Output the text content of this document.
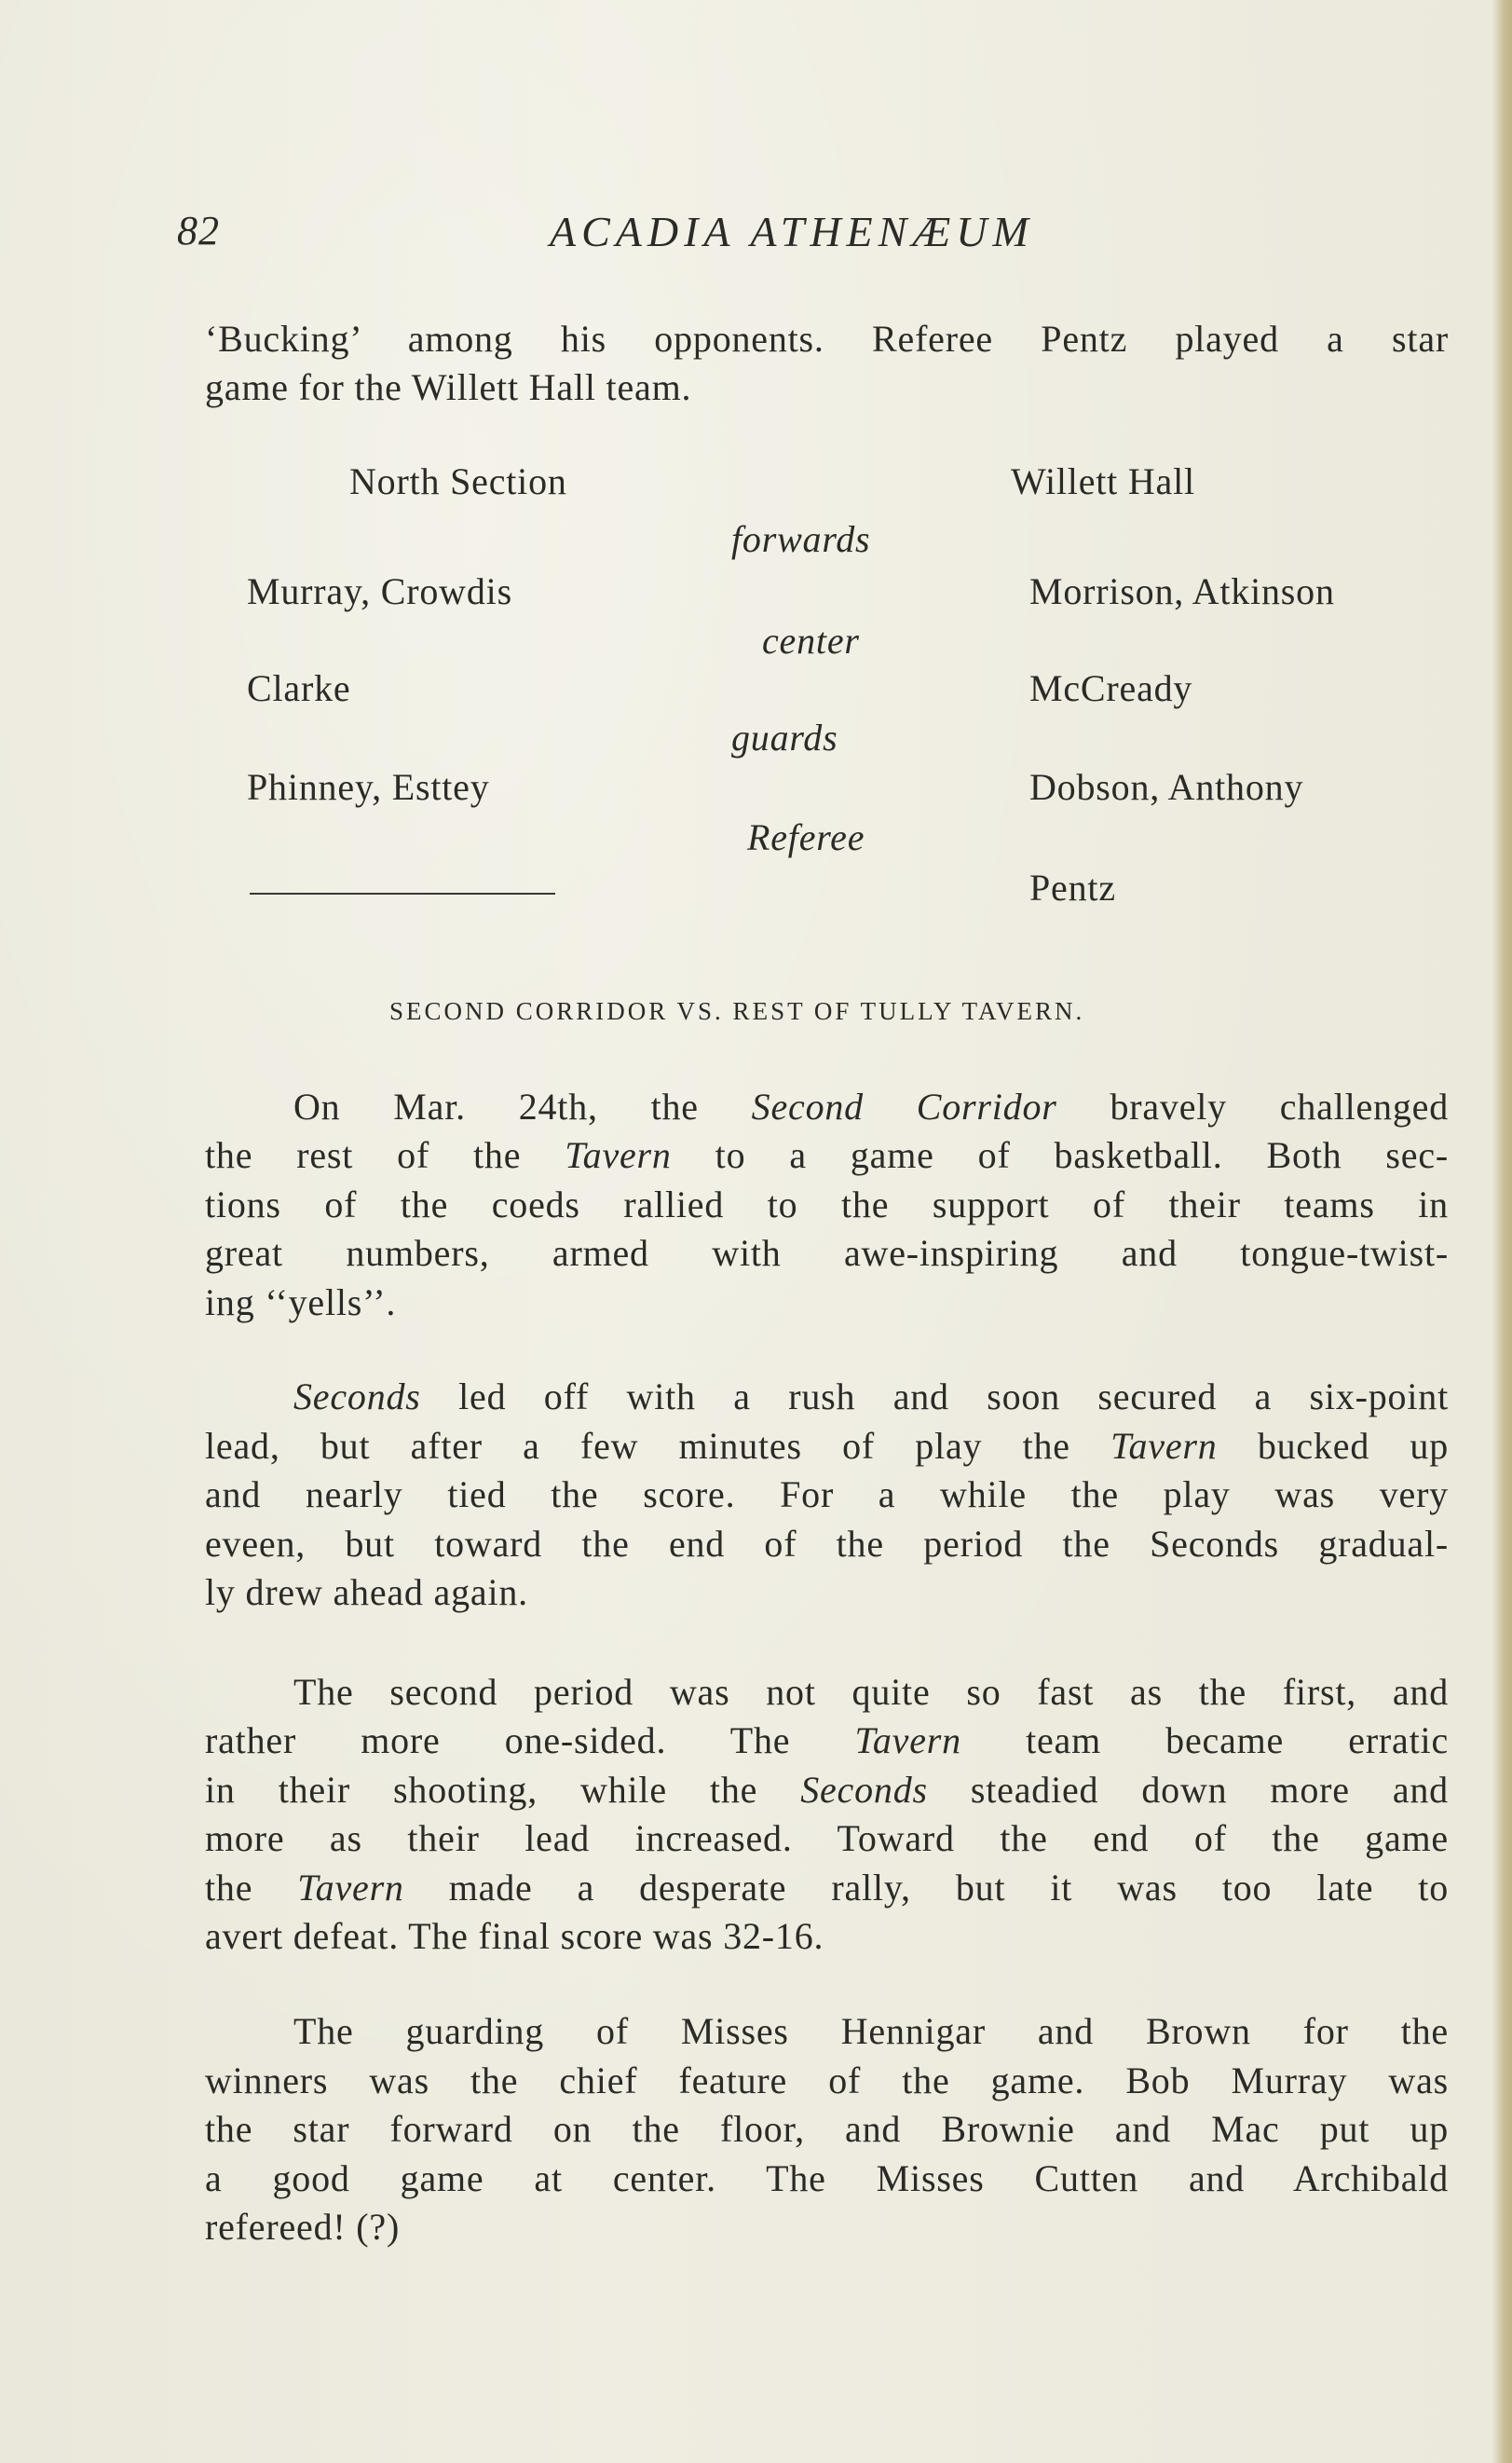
82	ACADIA ATHENÆUM
‘Bucking’ among his opponents. Referee Pentz played a star
game for the Willett Hall team.
North Section	Willett Hall
forwards
Murray, Crowdis	Morrison, Atkinson
center
Clarke	McCready
guards
Phinney, Esttey	Dobson, Anthony
Referee
Pentz
SECOND CORRIDOR VS. REST OF TULLY TAVERN.
On Mar. 24th, the Second Corridor bravely challenged
the rest of the Tavern to a game of basketball. Both sec-
tions of the coeds rallied to the support of their teams in
great numbers, armed with awe-inspiring and tongue-twist-
ing ‘‘yells’’.
Seconds led off with a rush and soon secured a six-point
lead, but after a few minutes of play the Tavern bucked up
and nearly tied the score. For a while the play was very
eveen, but toward the end of the period the Seconds gradual-
ly drew ahead again.
The second period was not quite so fast as the first, and
rather more one-sided. The Tavern team became erratic
in their shooting, while the Seconds steadied down more and
more as their lead increased. Toward the end of the game
the Tavern made a desperate rally, but it was too late to
avert defeat. The final score was 32-16.
The guarding of Misses Hennigar and Brown for the
winners was the chief feature of the game. Bob Murray was
the star forward on the floor, and Brownie and Mac put up
a good game at center. The Misses Cutten and Archibald
refereed! (?)
